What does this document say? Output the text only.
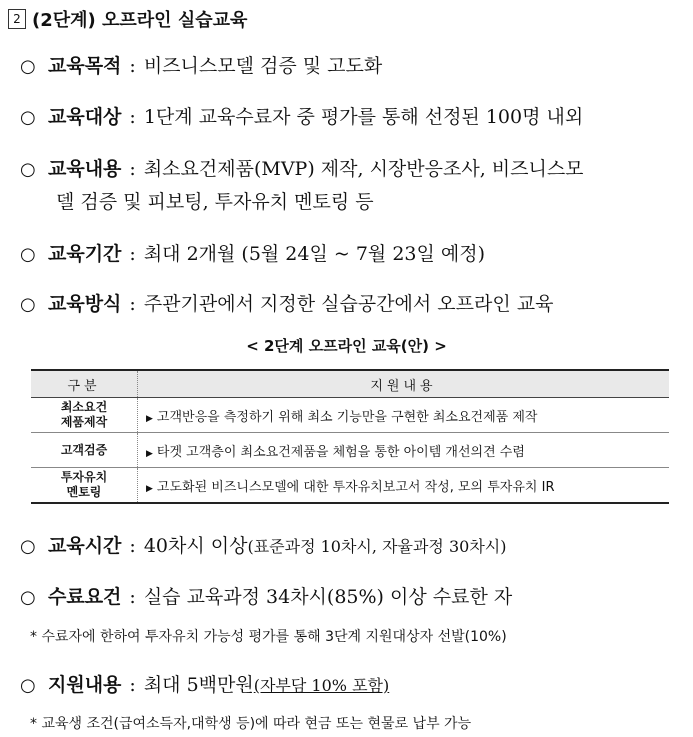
2 (2단계) 오프라인 실습교육
○ 교육목적 : 비즈니스모델 검증 및 고도화
○ 교육대상 : 1단계 교육수료자 중 평가를 통해 선정된 100명 내외
○ 교육내용 : 최소요건제품(MVP) 제작, 시장반응조사, 비즈니스모
델 검증 및 피보팅, 투자유치 멘토링 등
○ 교육기간 : 최대 2개월 (5월 24일 ~ 7월 23일 예정)
○ 교육방식 : 주관기관에서 지정한 실습공간에서 오프라인 교육
< 2단계 오프라인 교육(안) >
구분	지원내용
최소요건
제품제작	▶ 고객반응을 측정하기 위해 최소 기능만을 구현한 최소요건제품 제작
고객검증	▶ 타겟 고객층이 최소요건제품을 체험을 통한 아이템 개선의견 수렴
투자유치
멘토링	▶ 고도화된 비즈니스모델에 대한 투자유치보고서 작성, 모의 투자유치 IR
○ 교육시간 : 40차시 이상(표준과정 10차시, 자율과정 30차시)
○ 수료요건 : 실습 교육과정 34차시(85%) 이상 수료한 자
* 수료자에 한하여 투자유치 가능성 평가를 통해 3단계 지원대상자 선발(10%)
○ 지원내용 : 최대 5백만원(자부담 10% 포함)
* 교육생 조건(급여소득자,대학생 등)에 따라 현금 또는 현물로 납부 가능
